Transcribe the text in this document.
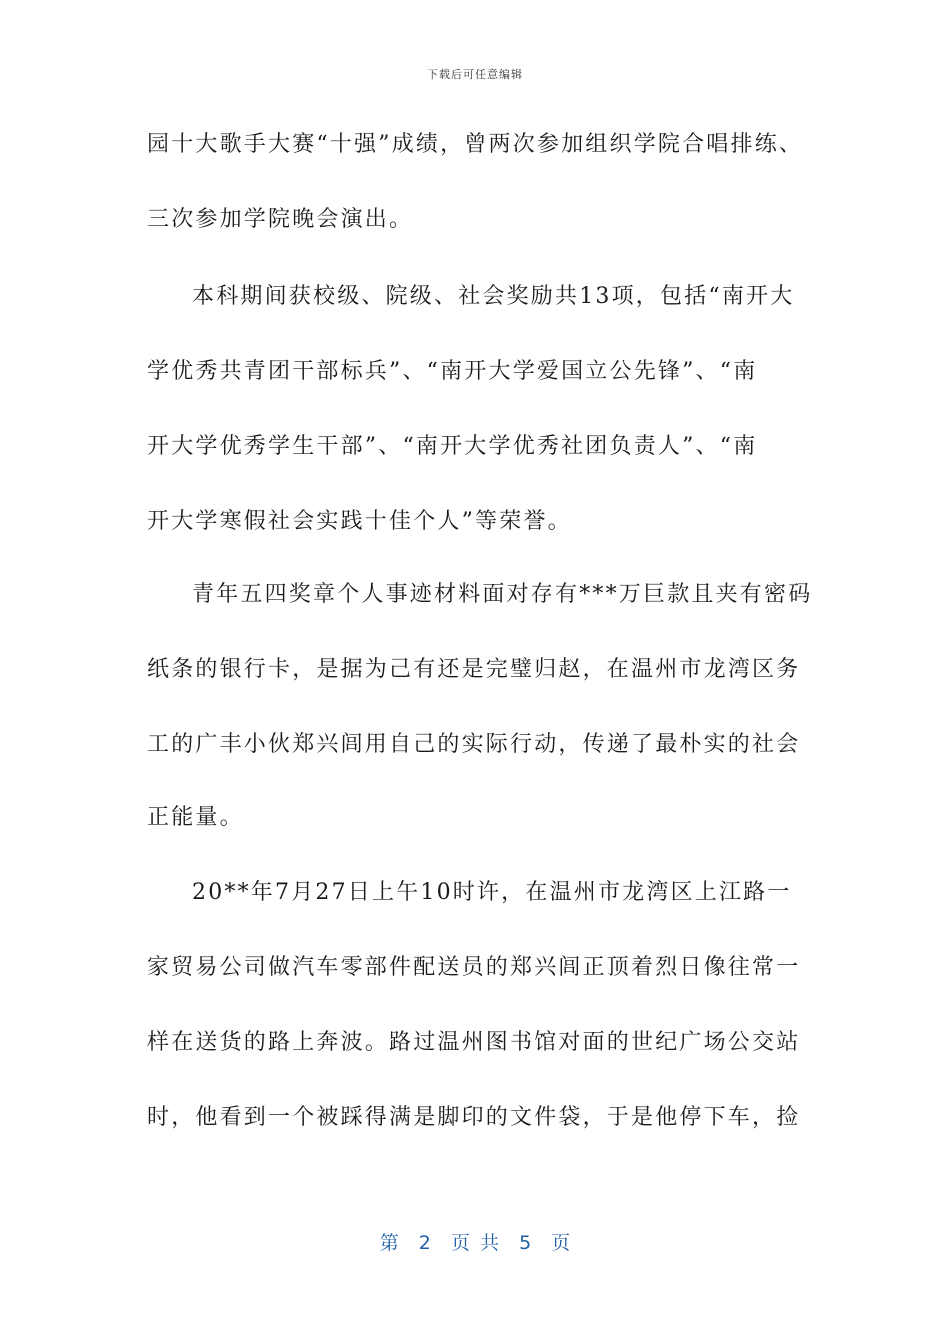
下载后可任意编辑
园十大歌手大赛“十强”成绩，曾两次参加组织学院合唱排练、
三次参加学院晚会演出。
本科期间获校级、院级、社会奖励共13项，包括“南开大
学优秀共青团干部标兵”、“南开大学爱国立公先锋”、“南
开大学优秀学生干部”、“南开大学优秀社团负责人”、“南
开大学寒假社会实践十佳个人”等荣誉。
青年五四奖章个人事迹材料面对存有***万巨款且夹有密码
纸条的银行卡，是据为己有还是完璧归赵，在温州市龙湾区务
工的广丰小伙郑兴闾用自己的实际行动，传递了最朴实的社会
正能量。
20**年7月27日上午10时许，在温州市龙湾区上江路一
家贸易公司做汽车零部件配送员的郑兴闾正顶着烈日像往常一
样在送货的路上奔波。路过温州图书馆对面的世纪广场公交站
时，他看到一个被踩得满是脚印的文件袋，于是他停下车，捡
第  2  页 共  5  页
